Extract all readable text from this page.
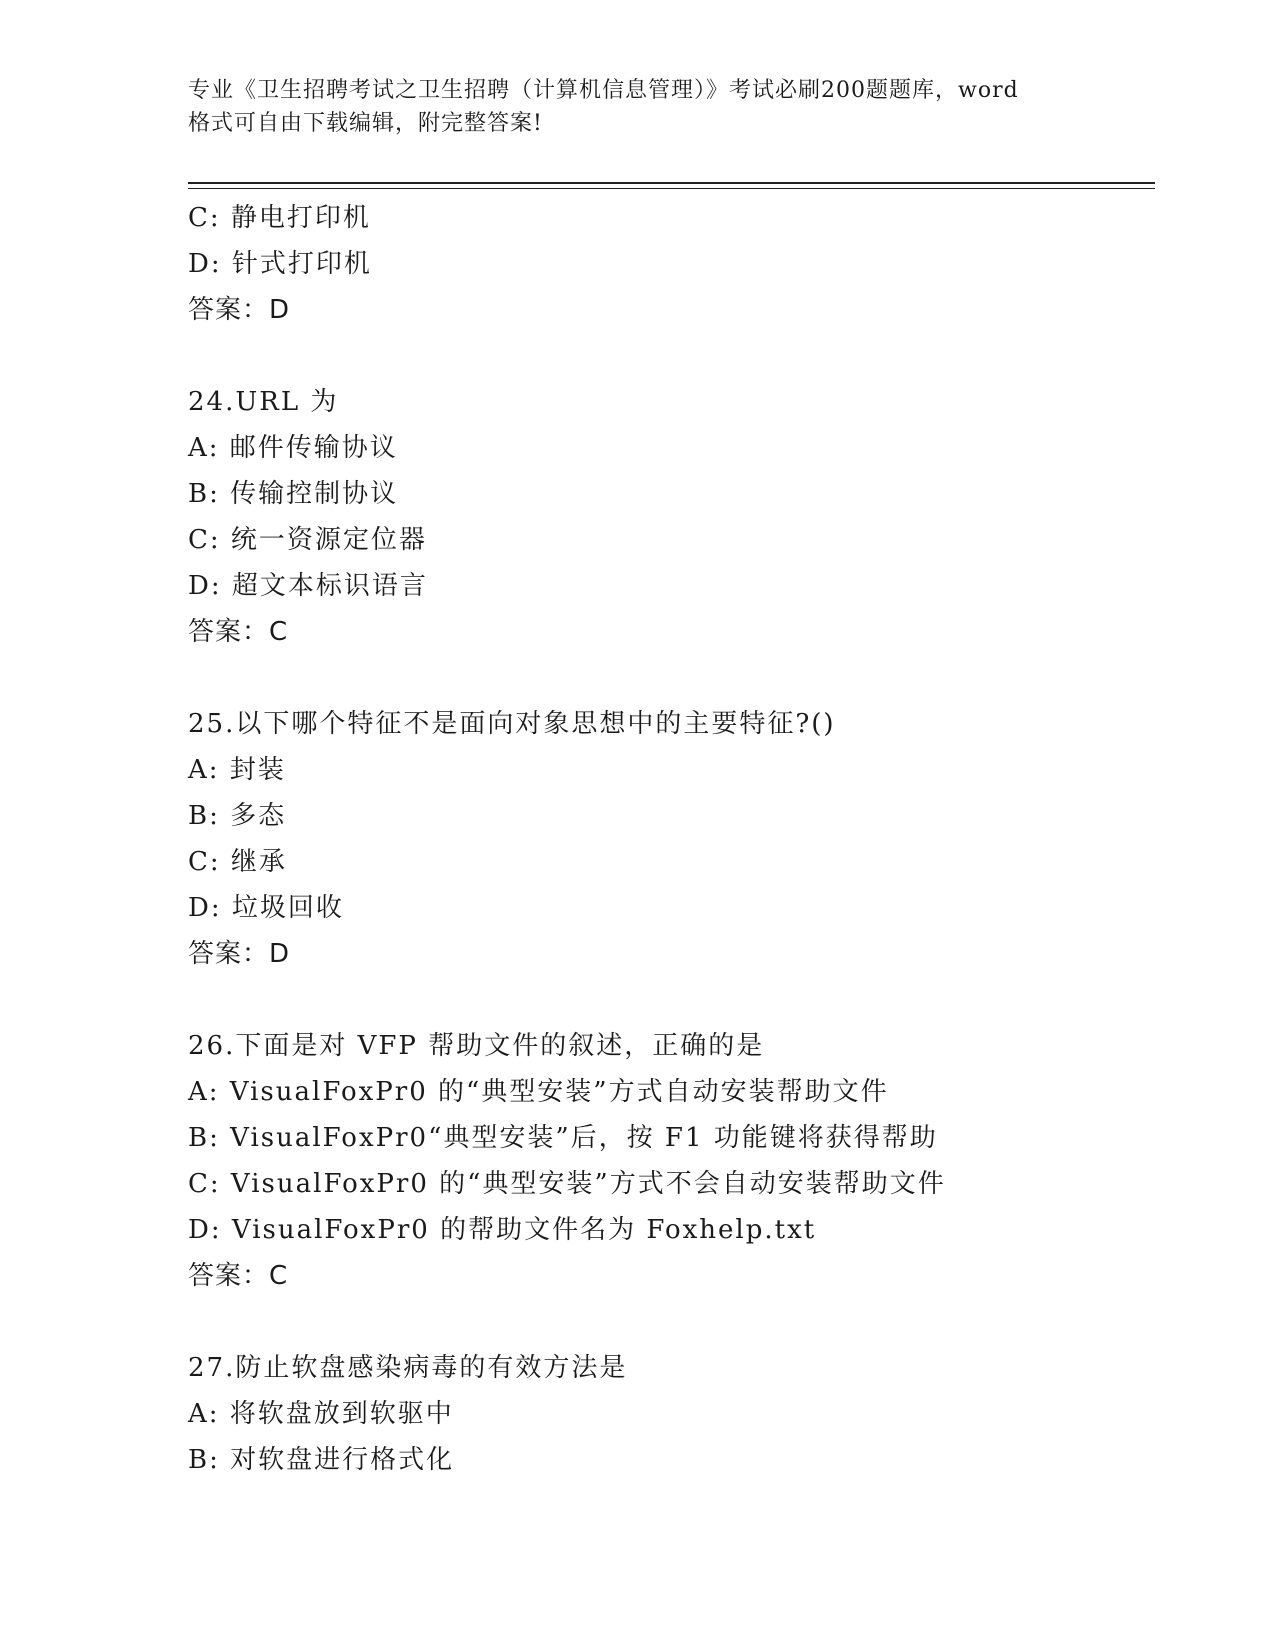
专业《卫生招聘考试之卫生招聘（计算机信息管理）》考试必刷200题题库，word
格式可自由下载编辑，附完整答案!
C: 静电打印机
D: 针式打印机
答案：D
24.URL 为
A: 邮件传输协议
B: 传输控制协议
C: 统一资源定位器
D: 超文本标识语言
答案：C
25.以下哪个特征不是面向对象思想中的主要特征?()
A: 封装
B: 多态
C: 继承
D: 垃圾回收
答案：D
26.下面是对 VFP 帮助文件的叙述，正确的是
A: VisualFoxPr0 的“典型安装”方式自动安装帮助文件
B: VisualFoxPr0“典型安装”后，按 F1 功能键将获得帮助
C: VisualFoxPr0 的“典型安装”方式不会自动安装帮助文件
D: VisualFoxPr0 的帮助文件名为 Foxhelp.txt
答案：C
27.防止软盘感染病毒的有效方法是
A: 将软盘放到软驱中
B: 对软盘进行格式化
